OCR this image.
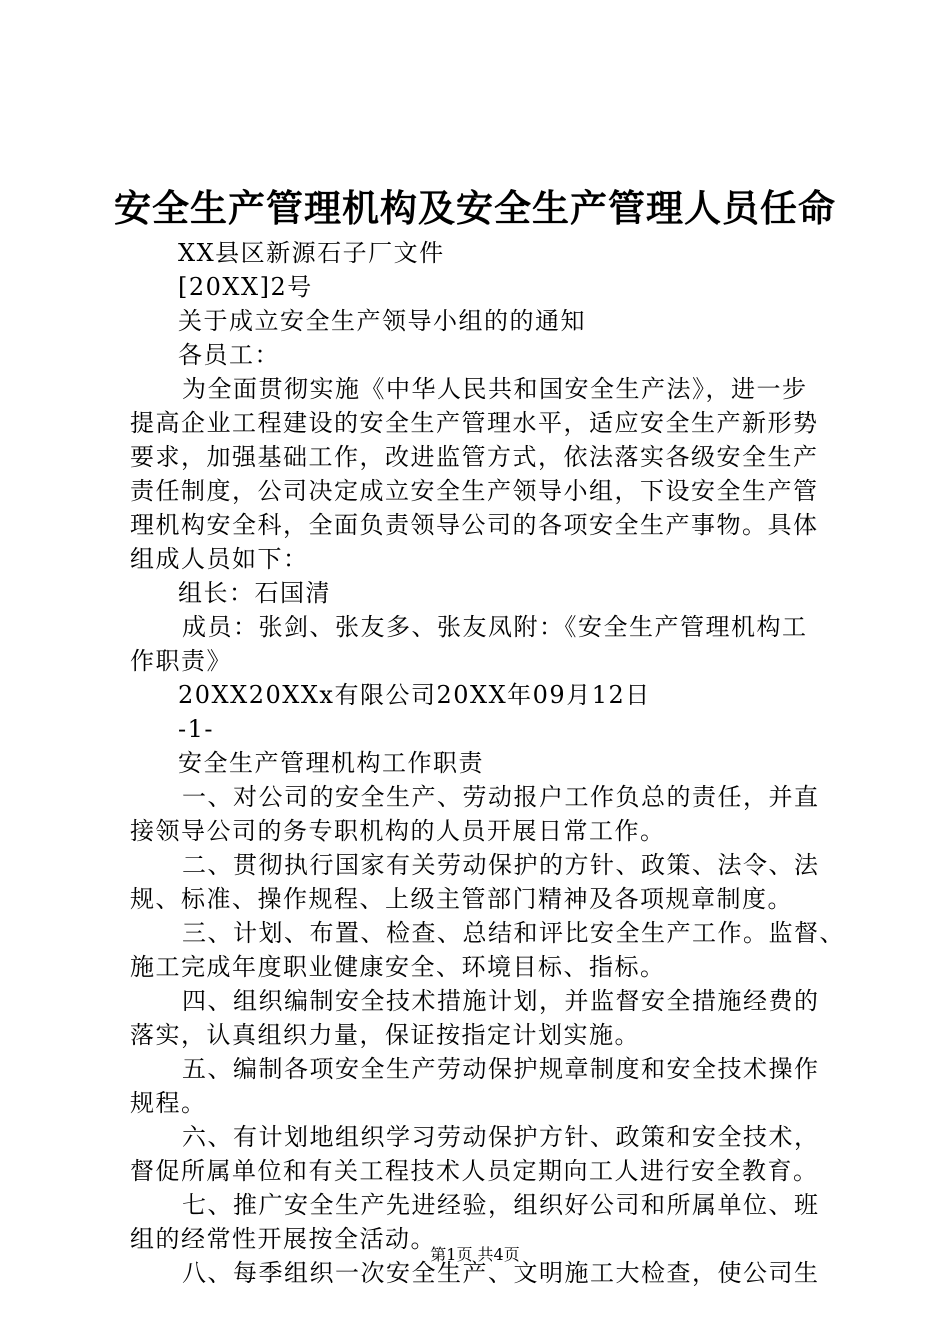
安全生产管理机构及安全生产管理人员任命
XX县区新源石子厂文件
[20XX]2号
关于成立安全生产领导小组的的通知
各员工：
为全面贯彻实施《中华人民共和国安全生产法》，进一步
提高企业工程建设的安全生产管理水平，适应安全生产新形势
要求，加强基础工作，改进监管方式，依法落实各级安全生产
责任制度，公司决定成立安全生产领导小组，下设安全生产管
理机构安全科，全面负责领导公司的各项安全生产事物。具体
组成人员如下：
组长：石国清
成员：张剑、张友多、张友凤附：《安全生产管理机构工
作职责》
20XX20XXx有限公司20XX年09月12日
-1-
安全生产管理机构工作职责
一、对公司的安全生产、劳动报户工作负总的责任，并直
接领导公司的务专职机构的人员开展日常工作。
二、贯彻执行国家有关劳动保护的方针、政策、法令、法
规、标准、操作规程、上级主管部门精神及各项规章制度。
三、计划、布置、检查、总结和评比安全生产工作。监督、
施工完成年度职业健康安全、环境目标、指标。
四、组织编制安全技术措施计划，并监督安全措施经费的
落实，认真组织力量，保证按指定计划实施。
五、编制各项安全生产劳动保护规章制度和安全技术操作
规程。
六、有计划地组织学习劳动保护方针、政策和安全技术，
督促所属单位和有关工程技术人员定期向工人进行安全教育。
七、推广安全生产先进经验，组织好公司和所属单位、班
组的经常性开展按全活动。
八、每季组织一次安全生产、文明施工大检查，使公司生
第1页 共4页
